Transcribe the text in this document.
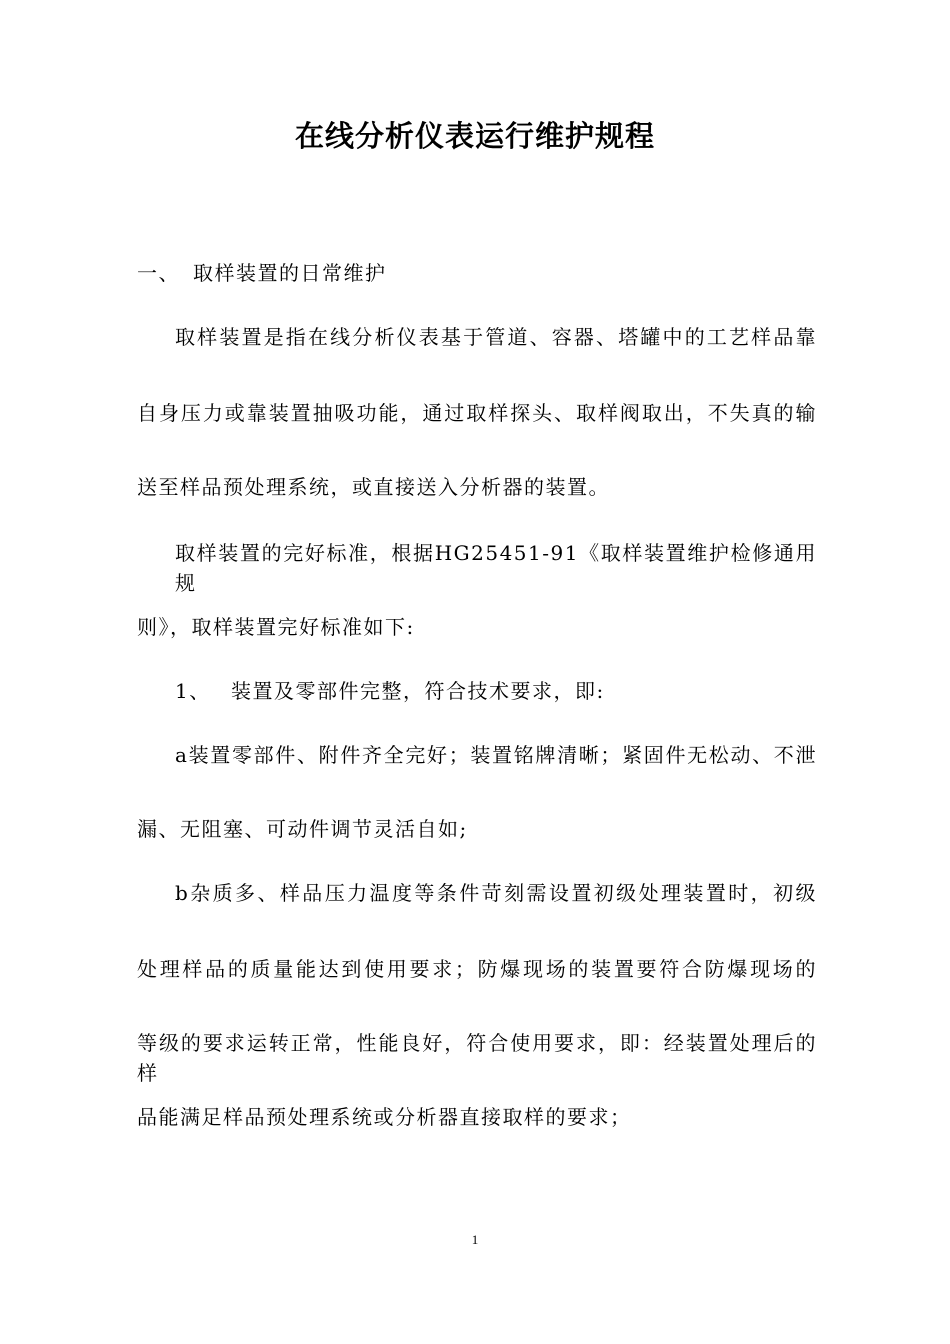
在线分析仪表运行维护规程
一、 取样装置的日常维护
取样装置是指在线分析仪表基于管道、容器、塔罐中的工艺样品靠
自身压力或靠装置抽吸功能，通过取样探头、取样阀取出，不失真的输
送至样品预处理系统，或直接送入分析器的装置。
取样装置的完好标准，根据HG25451-91《取样装置维护检修通用规
则》，取样装置完好标准如下:
1、 装置及零部件完整，符合技术要求，即:
a装置零部件、附件齐全完好；装置铭牌清晰；紧固件无松动、不泄
漏、无阻塞、可动件调节灵活自如;
b杂质多、样品压力温度等条件苛刻需设置初级处理装置时，初级
处理样品的质量能达到使用要求；防爆现场的装置要符合防爆现场的
等级的要求运转正常，性能良好，符合使用要求，即：经装置处理后的样
品能满足样品预处理系统或分析器直接取样的要求；
1
